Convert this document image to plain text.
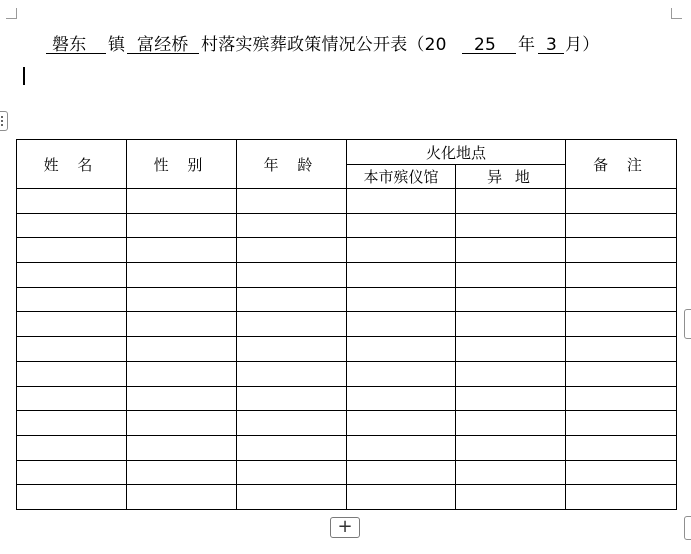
磐东	镇 富经桥 村落实殡葬政策情况公开表（20	25	年 3 月）
姓 名	性 别	年 龄	火化地点		备 注
			本市殡仪馆	异 地	

+
